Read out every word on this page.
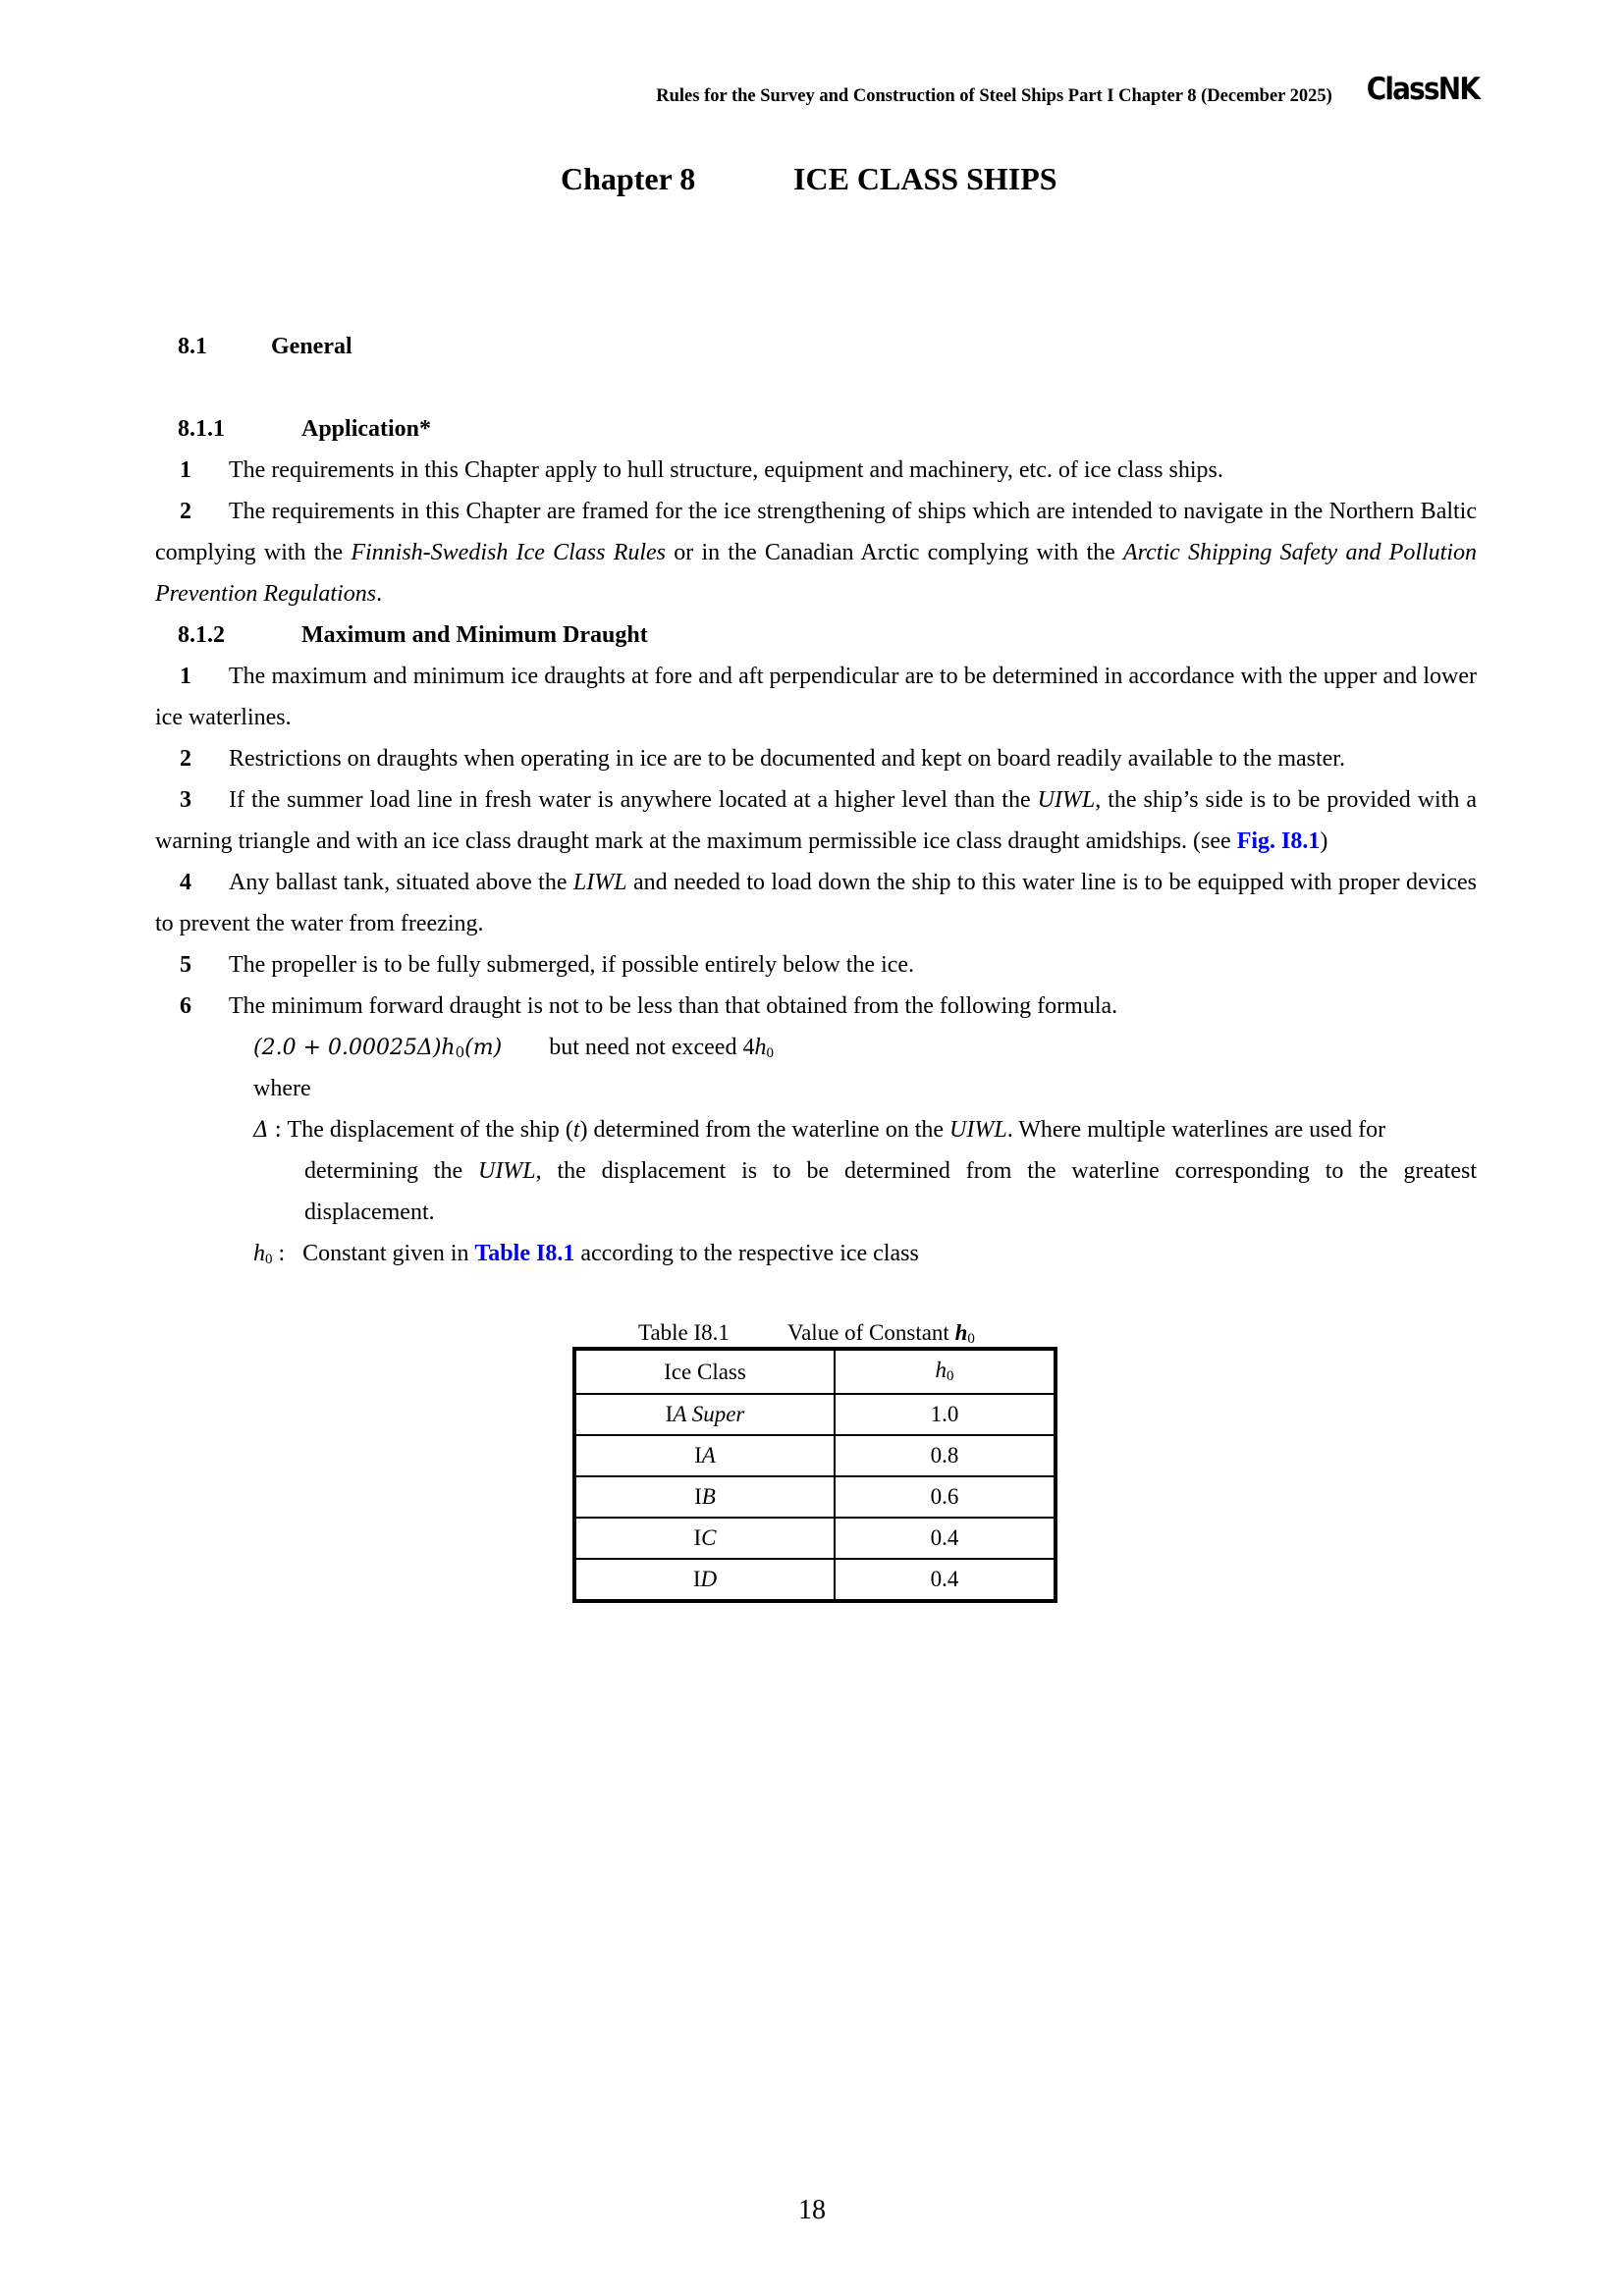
Rules for the Survey and Construction of Steel Ships Part I Chapter 8 (December 2025) ClassNK
Chapter 8	ICE CLASS SHIPS
8.1	General
8.1.1	Application*
1 The requirements in this Chapter apply to hull structure, equipment and machinery, etc. of ice class ships.
2 The requirements in this Chapter are framed for the ice strengthening of ships which are intended to navigate in the Northern Baltic complying with the Finnish-Swedish Ice Class Rules or in the Canadian Arctic complying with the Arctic Shipping Safety and Pollution Prevention Regulations.
8.1.2	Maximum and Minimum Draught
1 The maximum and minimum ice draughts at fore and aft perpendicular are to be determined in accordance with the upper and lower ice waterlines.
2 Restrictions on draughts when operating in ice are to be documented and kept on board readily available to the master.
3 If the summer load line in fresh water is anywhere located at a higher level than the UIWL, the ship’s side is to be provided with a warning triangle and with an ice class draught mark at the maximum permissible ice class draught amidships. (see Fig. I8.1)
4 Any ballast tank, situated above the LIWL and needed to load down the ship to this water line is to be equipped with proper devices to prevent the water from freezing.
5 The propeller is to be fully submerged, if possible entirely below the ice.
6 The minimum forward draught is not to be less than that obtained from the following formula.
$(2.0 + 0.00025\Delta)h_0(m)$ but need not exceed $4h_0$
where
Δ : The displacement of the ship (t) determined from the waterline on the UIWL. Where multiple waterlines are used for
determining the UIWL, the displacement is to be determined from the waterline corresponding to the greatest
displacement.
$h_0$ :   Constant given in Table I8.1 according to the respective ice class
Table I8.1	Value of Constant $h_0$
Ice Class	$h_0$
IA Super	1.0
IA	0.8
IB	0.6
IC	0.4
ID	0.4
18
